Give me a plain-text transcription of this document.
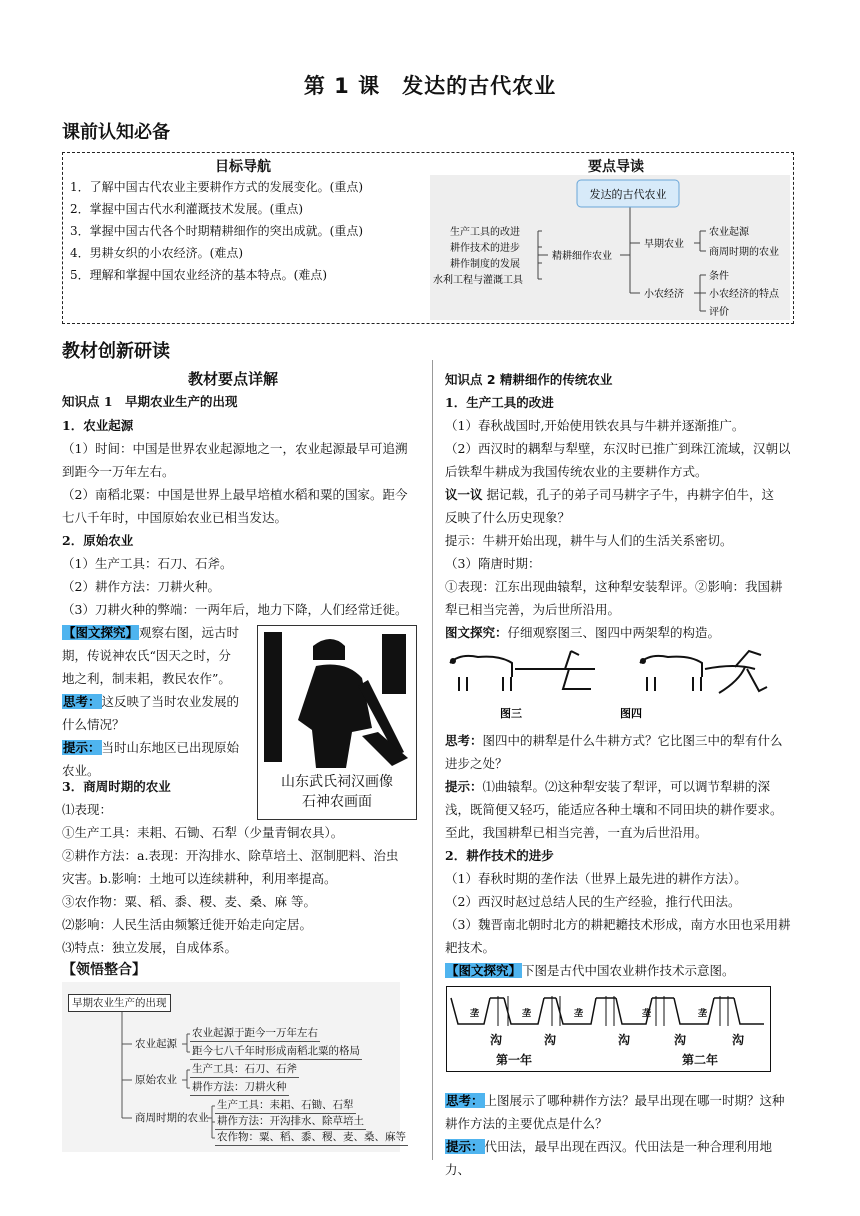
第 1 课　发达的古代农业
课前认知必备
目标导航
1．了解中国古代农业主要耕作方式的发展变化。(重点)
2．掌握中国古代水利灌溉技术发展。(重点)
3．掌握中国古代各个时期精耕细作的突出成就。(重点)
4．男耕女织的小农经济。(难点)
5．理解和掌握中国农业经济的基本特点。(难点)
要点导读
发达的古代农业
生产工具的改进
耕作技术的进步
耕作制度的发展
水利工程与灌溉工具
精耕细作农业
早期农业
小农经济
农业起源
商周时期的农业
条件
小农经济的特点
评价
教材创新研读
教材要点详解
知识点 1　早期农业生产的出现
1．农业起源
（1）时间：中国是世界农业起源地之一，农业起源最早可追溯
到距今一万年左右。
（2）南稻北粟：中国是世界上最早培植水稻和粟的国家。距今
七八千年时，中国原始农业已相当发达。
2．原始农业
（1）生产工具：石刀、石斧。
（2）耕作方法：刀耕火种。
（3）刀耕火种的弊端：一两年后，地力下降，人们经常迁徙。
【图文探究】观察右图，远古时
期，传说神农氏“因天之时，分
地之利，制耒耜，教民农作”。
思考：这反映了当时农业发展的
什么情况？
提示：当时山东地区已出现原始
农业。
山东武氏祠汉画像
石神农画面
3．商周时期的农业
⑴表现：
①生产工具：耒耜、石锄、石犁（少量青铜农具）。
②耕作方法：a.表现：开沟排水、除草培土、沤制肥料、治虫
灾害。b.影响：土地可以连续耕种，利用率提高。
③农作物：粟、稻、黍、稷、麦、桑、麻 等。
⑵影响：人民生活由频繁迁徙开始走向定居。
⑶特点：独立发展，自成体系。
【领悟整合】
早期农业生产的出现
农业起源
农业起源于距今一万年左右
距今七八千年时形成南稻北粟的格局
原始农业
生产工具：石刀、石斧
耕作方法：刀耕火种
商周时期的农业
生产工具：耒耜、石锄、石犁
耕作方法：开沟排水、除草培土
农作物：粟、稻、黍、稷、麦、桑、麻等
知识点 2 精耕细作的传统农业
1．生产工具的改进
（1）春秋战国时,开始使用铁农具与牛耕并逐渐推广。
（2）西汉时的耦犁与犁壁，东汉时已推广到珠江流域，汉朝以
后铁犁牛耕成为我国传统农业的主要耕作方式。
议一议 据记载，孔子的弟子司马耕字子牛，冉耕字伯牛，这
反映了什么历史现象？
提示：牛耕开始出现，耕牛与人们的生活关系密切。
（3）隋唐时期：
①表现：江东出现曲辕犁，这种犁安装犁评。②影响：我国耕
犁已相当完善，为后世所沿用。
图文探究：仔细观察图三、图四中两架犁的构造。
图三	图四
思考：图四中的耕犁是什么牛耕方式？它比图三中的犁有什么
进步之处？
提示：⑴曲辕犁。⑵这种犁安装了犁评，可以调节犁耕的深
浅，既简便又轻巧，能适应各种土壤和不同田块的耕作要求。
至此，我国耕犁已相当完善，一直为后世沿用。
2．耕作技术的进步
（1）春秋时期的垄作法（世界上最先进的耕作方法）。
（2）西汉时赵过总结人民的生产经验，推行代田法。
（3）魏晋南北朝时北方的耕耙耱技术形成，南方水田也采用耕
耙技术。
【图文探究】下图是古代中国农业耕作技术示意图。
垄	垄	垄	垄	垄
沟	沟	沟	沟	沟
第一年	第二年
思考：上图展示了哪种耕作方法？最早出现在哪一时期？这种
耕作方法的主要优点是什么？
提示：代田法，最早出现在西汉。代田法是一种合理利用地力、
